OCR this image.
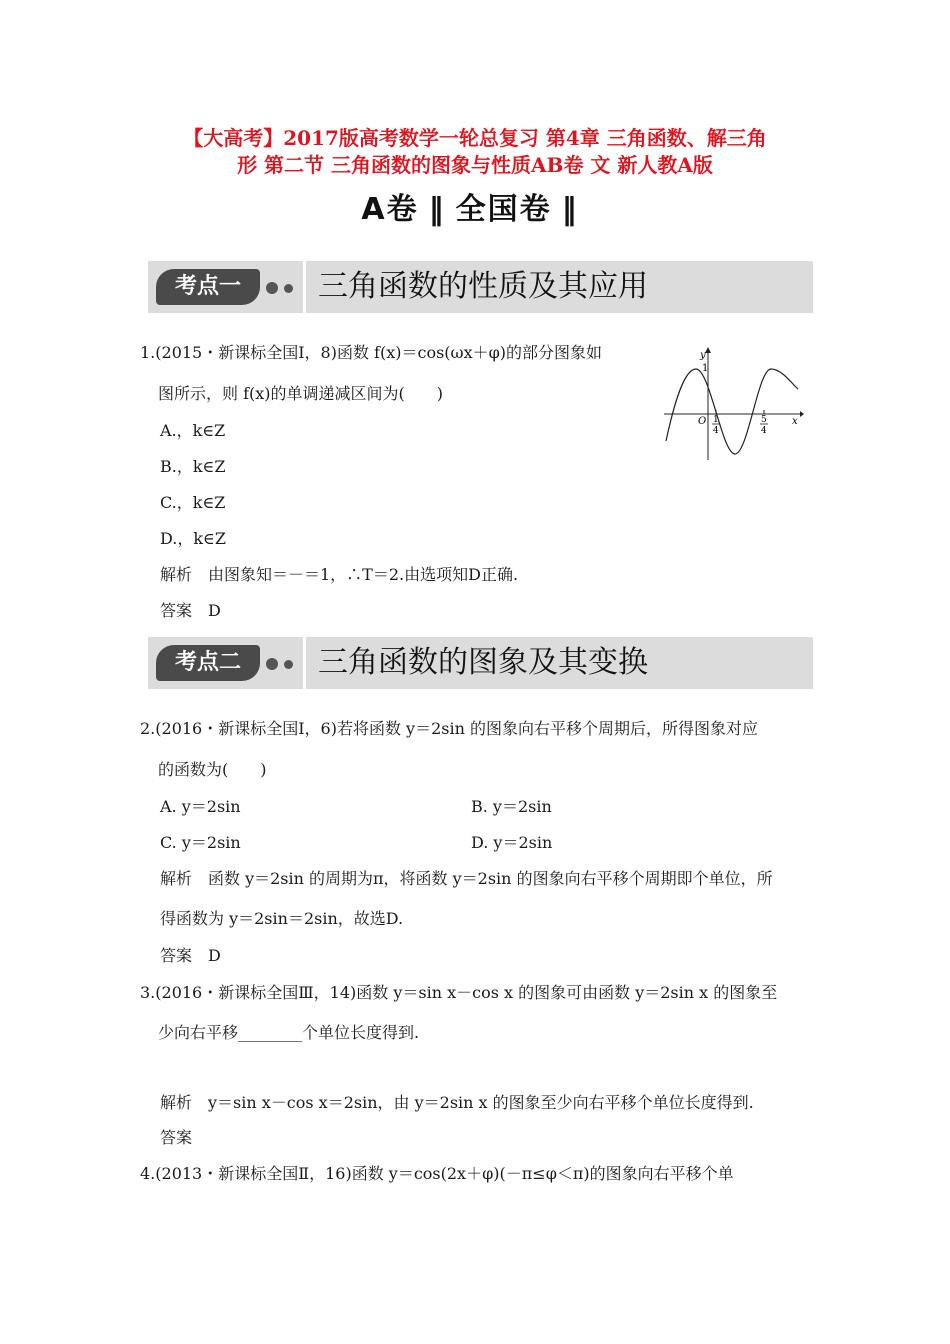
【大高考】2017版高考数学一轮总复习 第4章 三角函数、解三角
形 第二节 三角函数的图象与性质AB卷 文 新人教A版
A卷 ‖ 全国卷 ‖
考点一	三角函数的性质及其应用
1.(2015・新课标全国Ⅰ，8)函数 f(x)＝cos(ωx＋φ)的部分图象如
图所示，则 f(x)的单调递减区间为(　　)
A.，k∈Z
B.，k∈Z
C.，k∈Z
D.，k∈Z
解析　由图象知＝－＝1，∴T＝2.由选项知D正确.
答案　D
y
1
x
O 1
4
5
4
考点二	三角函数的图象及其变换
2.(2016・新课标全国Ⅰ，6)若将函数 y＝2sin 的图象向右平移个周期后，所得图象对应
的函数为(　　)
A. y＝2sin	B. y＝2sin
C. y＝2sin	D. y＝2sin
解析　函数 y＝2sin 的周期为π，将函数 y＝2sin 的图象向右平移个周期即个单位，所
得函数为 y＝2sin＝2sin，故选D.
答案　D
3.(2016・新课标全国Ⅲ，14)函数 y＝sin x－cos x 的图象可由函数 y＝2sin x 的图象至
少向右平移________个单位长度得到.
解析　y＝sin x－cos x＝2sin，由 y＝2sin x 的图象至少向右平移个单位长度得到.
答案
4.(2013・新课标全国Ⅱ，16)函数 y＝cos(2x＋φ)(－π≤φ＜π)的图象向右平移个单
